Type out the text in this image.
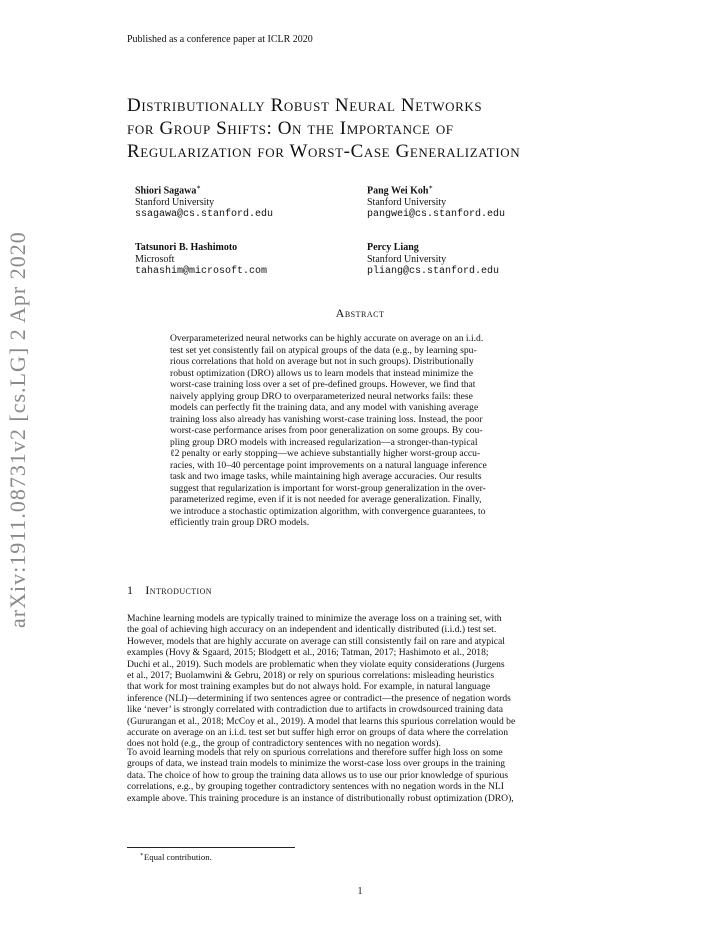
Published as a conference paper at ICLR 2020
Distributionally Robust Neural Networks
for Group Shifts: On the Importance of
Regularization for Worst-Case Generalization
Shiori Sagawa∗
Stanford University
ssagawa@cs.stanford.edu
Pang Wei Koh∗
Stanford University
pangwei@cs.stanford.edu
Tatsunori B. Hashimoto
Microsoft
tahashim@microsoft.com
Percy Liang
Stanford University
pliang@cs.stanford.edu
arXiv:1911.08731v2 [cs.LG] 2 Apr 2020	Abstract
Overparameterized neural networks can be highly accurate on average on an i.i.d.
test set yet consistently fail on atypical groups of the data (e.g., by learning spu-
rious correlations that hold on average but not in such groups). Distributionally
robust optimization (DRO) allows us to learn models that instead minimize the
worst-case training loss over a set of pre-defined groups. However, we find that
naively applying group DRO to overparameterized neural networks fails: these
models can perfectly fit the training data, and any model with vanishing average
training loss also already has vanishing worst-case training loss. Instead, the poor
worst-case performance arises from poor generalization on some groups. By cou-
pling group DRO models with increased regularization—a stronger-than-typical
ℓ2 penalty or early stopping—we achieve substantially higher worst-group accu-
racies, with 10–40 percentage point improvements on a natural language inference
task and two image tasks, while maintaining high average accuracies. Our results
suggest that regularization is important for worst-group generalization in the over-
parameterized regime, even if it is not needed for average generalization. Finally,
we introduce a stochastic optimization algorithm, with convergence guarantees, to
efficiently train group DRO models.
1 Introduction
Machine learning models are typically trained to minimize the average loss on a training set, with
the goal of achieving high accuracy on an independent and identically distributed (i.i.d.) test set.
However, models that are highly accurate on average can still consistently fail on rare and atypical
examples (Hovy & Sgaard, 2015; Blodgett et al., 2016; Tatman, 2017; Hashimoto et al., 2018;
Duchi et al., 2019). Such models are problematic when they violate equity considerations (Jurgens
et al., 2017; Buolamwini & Gebru, 2018) or rely on spurious correlations: misleading heuristics
that work for most training examples but do not always hold. For example, in natural language
inference (NLI)—determining if two sentences agree or contradict—the presence of negation words
like ‘never’ is strongly correlated with contradiction due to artifacts in crowdsourced training data
(Gururangan et al., 2018; McCoy et al., 2019). A model that learns this spurious correlation would be
accurate on average on an i.i.d. test set but suffer high error on groups of data where the correlation
does not hold (e.g., the group of contradictory sentences with no negation words).
To avoid learning models that rely on spurious correlations and therefore suffer high loss on some
groups of data, we instead train models to minimize the worst-case loss over groups in the training
data. The choice of how to group the training data allows us to use our prior knowledge of spurious
correlations, e.g., by grouping together contradictory sentences with no negation words in the NLI
example above. This training procedure is an instance of distributionally robust optimization (DRO),
∗Equal contribution.
1
